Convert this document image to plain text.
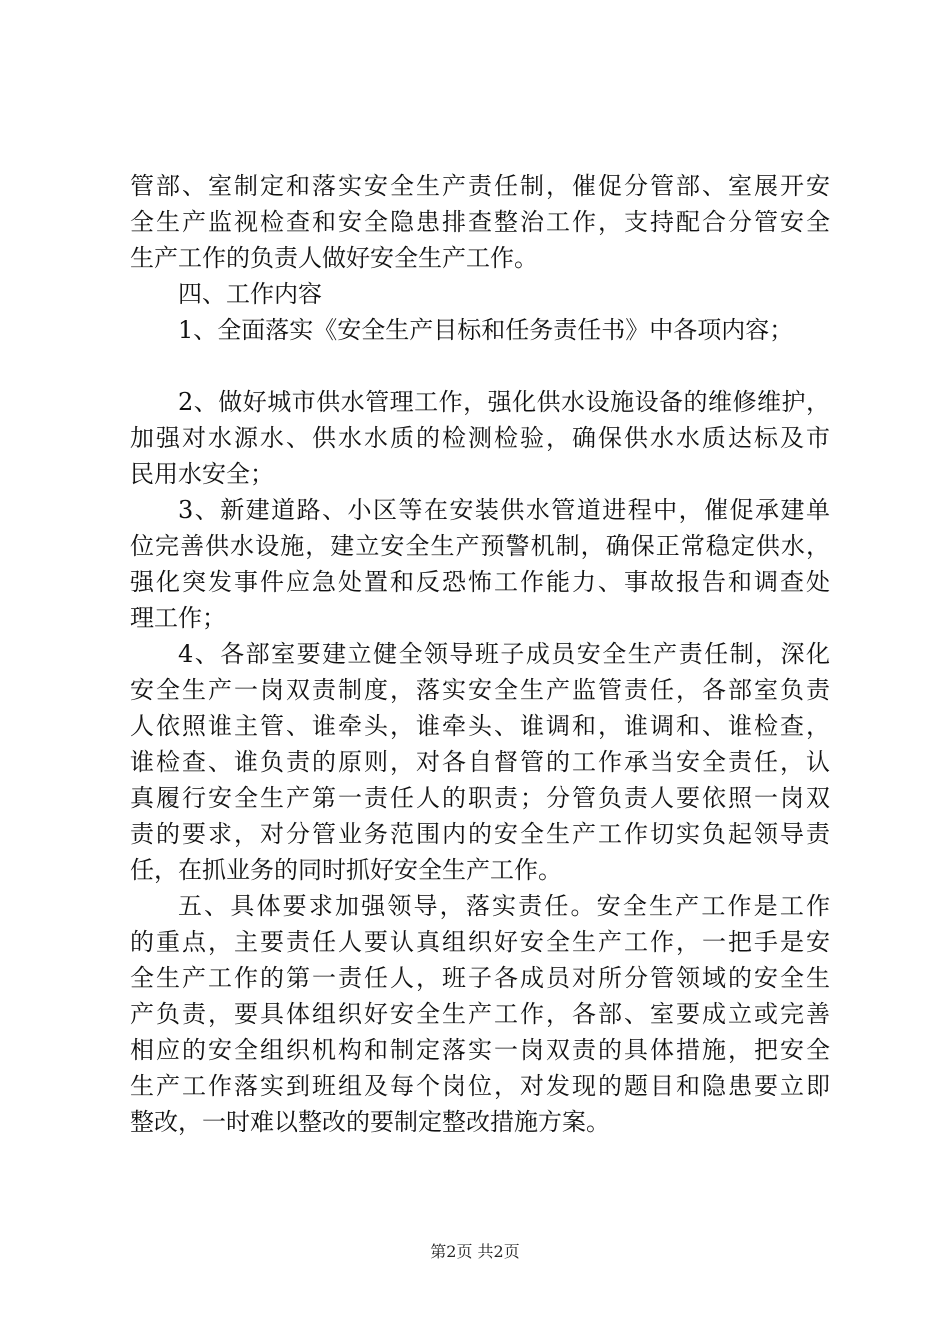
管部、室制定和落实安全生产责任制，催促分管部、室展开安
全生产监视检查和安全隐患排查整治工作，支持配合分管安全
生产工作的负责人做好安全生产工作。
四、工作内容
1、全面落实《安全生产目标和任务责任书》中各项内容；
2、做好城市供水管理工作，强化供水设施设备的维修维护，
加强对水源水、供水水质的检测检验，确保供水水质达标及市
民用水安全；
3、新建道路、小区等在安装供水管道进程中，催促承建单
位完善供水设施，建立安全生产预警机制，确保正常稳定供水，
强化突发事件应急处置和反恐怖工作能力、事故报告和调查处
理工作；
4、各部室要建立健全领导班子成员安全生产责任制，深化
安全生产一岗双责制度，落实安全生产监管责任，各部室负责
人依照谁主管、谁牵头，谁牵头、谁调和，谁调和、谁检查，
谁检查、谁负责的原则，对各自督管的工作承当安全责任，认
真履行安全生产第一责任人的职责；分管负责人要依照一岗双
责的要求，对分管业务范围内的安全生产工作切实负起领导责
任，在抓业务的同时抓好安全生产工作。
五、具体要求加强领导，落实责任。安全生产工作是工作
的重点，主要责任人要认真组织好安全生产工作，一把手是安
全生产工作的第一责任人，班子各成员对所分管领域的安全生
产负责，要具体组织好安全生产工作，各部、室要成立或完善
相应的安全组织机构和制定落实一岗双责的具体措施，把安全
生产工作落实到班组及每个岗位，对发现的题目和隐患要立即
整改，一时难以整改的要制定整改措施方案。
第2页 共2页
